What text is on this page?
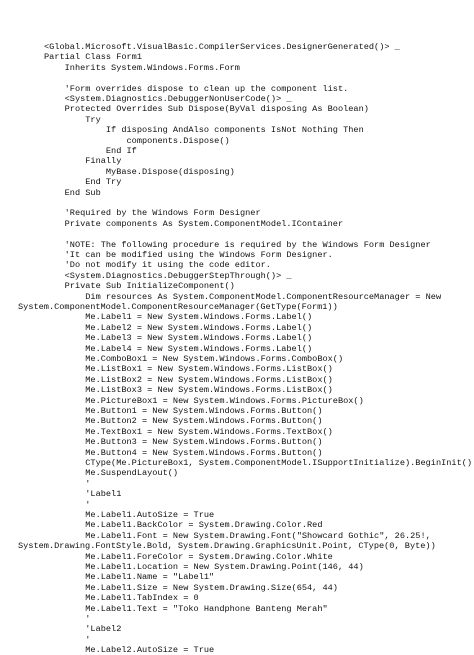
<Global.Microsoft.VisualBasic.CompilerServices.DesignerGenerated()> _
Partial Class Form1
Inherits System.Windows.Forms.Form
'Form overrides dispose to clean up the component list.
<System.Diagnostics.DebuggerNonUserCode()> _
Protected Overrides Sub Dispose(ByVal disposing As Boolean)
Try
If disposing AndAlso components IsNot Nothing Then
components.Dispose()
End If
Finally
MyBase.Dispose(disposing)
End Try
End Sub
'Required by the Windows Form Designer
Private components As System.ComponentModel.IContainer
'NOTE: The following procedure is required by the Windows Form Designer
'It can be modified using the Windows Form Designer.
'Do not modify it using the code editor.
<System.Diagnostics.DebuggerStepThrough()> _
Private Sub InitializeComponent()
Dim resources As System.ComponentModel.ComponentResourceManager = New
System.ComponentModel.ComponentResourceManager(GetType(Form1))
Me.Label1 = New System.Windows.Forms.Label()
Me.Label2 = New System.Windows.Forms.Label()
Me.Label3 = New System.Windows.Forms.Label()
Me.Label4 = New System.Windows.Forms.Label()
Me.ComboBox1 = New System.Windows.Forms.ComboBox()
Me.ListBox1 = New System.Windows.Forms.ListBox()
Me.ListBox2 = New System.Windows.Forms.ListBox()
Me.ListBox3 = New System.Windows.Forms.ListBox()
Me.PictureBox1 = New System.Windows.Forms.PictureBox()
Me.Button1 = New System.Windows.Forms.Button()
Me.Button2 = New System.Windows.Forms.Button()
Me.TextBox1 = New System.Windows.Forms.TextBox()
Me.Button3 = New System.Windows.Forms.Button()
Me.Button4 = New System.Windows.Forms.Button()
CType(Me.PictureBox1, System.ComponentModel.ISupportInitialize).BeginInit()
Me.SuspendLayout()
'
'Label1
'
Me.Label1.AutoSize = True
Me.Label1.BackColor = System.Drawing.Color.Red
Me.Label1.Font = New System.Drawing.Font("Showcard Gothic", 26.25!,
System.Drawing.FontStyle.Bold, System.Drawing.GraphicsUnit.Point, CType(0, Byte))
Me.Label1.ForeColor = System.Drawing.Color.White
Me.Label1.Location = New System.Drawing.Point(146, 44)
Me.Label1.Name = "Label1"
Me.Label1.Size = New System.Drawing.Size(654, 44)
Me.Label1.TabIndex = 0
Me.Label1.Text = "Toko Handphone Banteng Merah"
'
'Label2
'
Me.Label2.AutoSize = True
